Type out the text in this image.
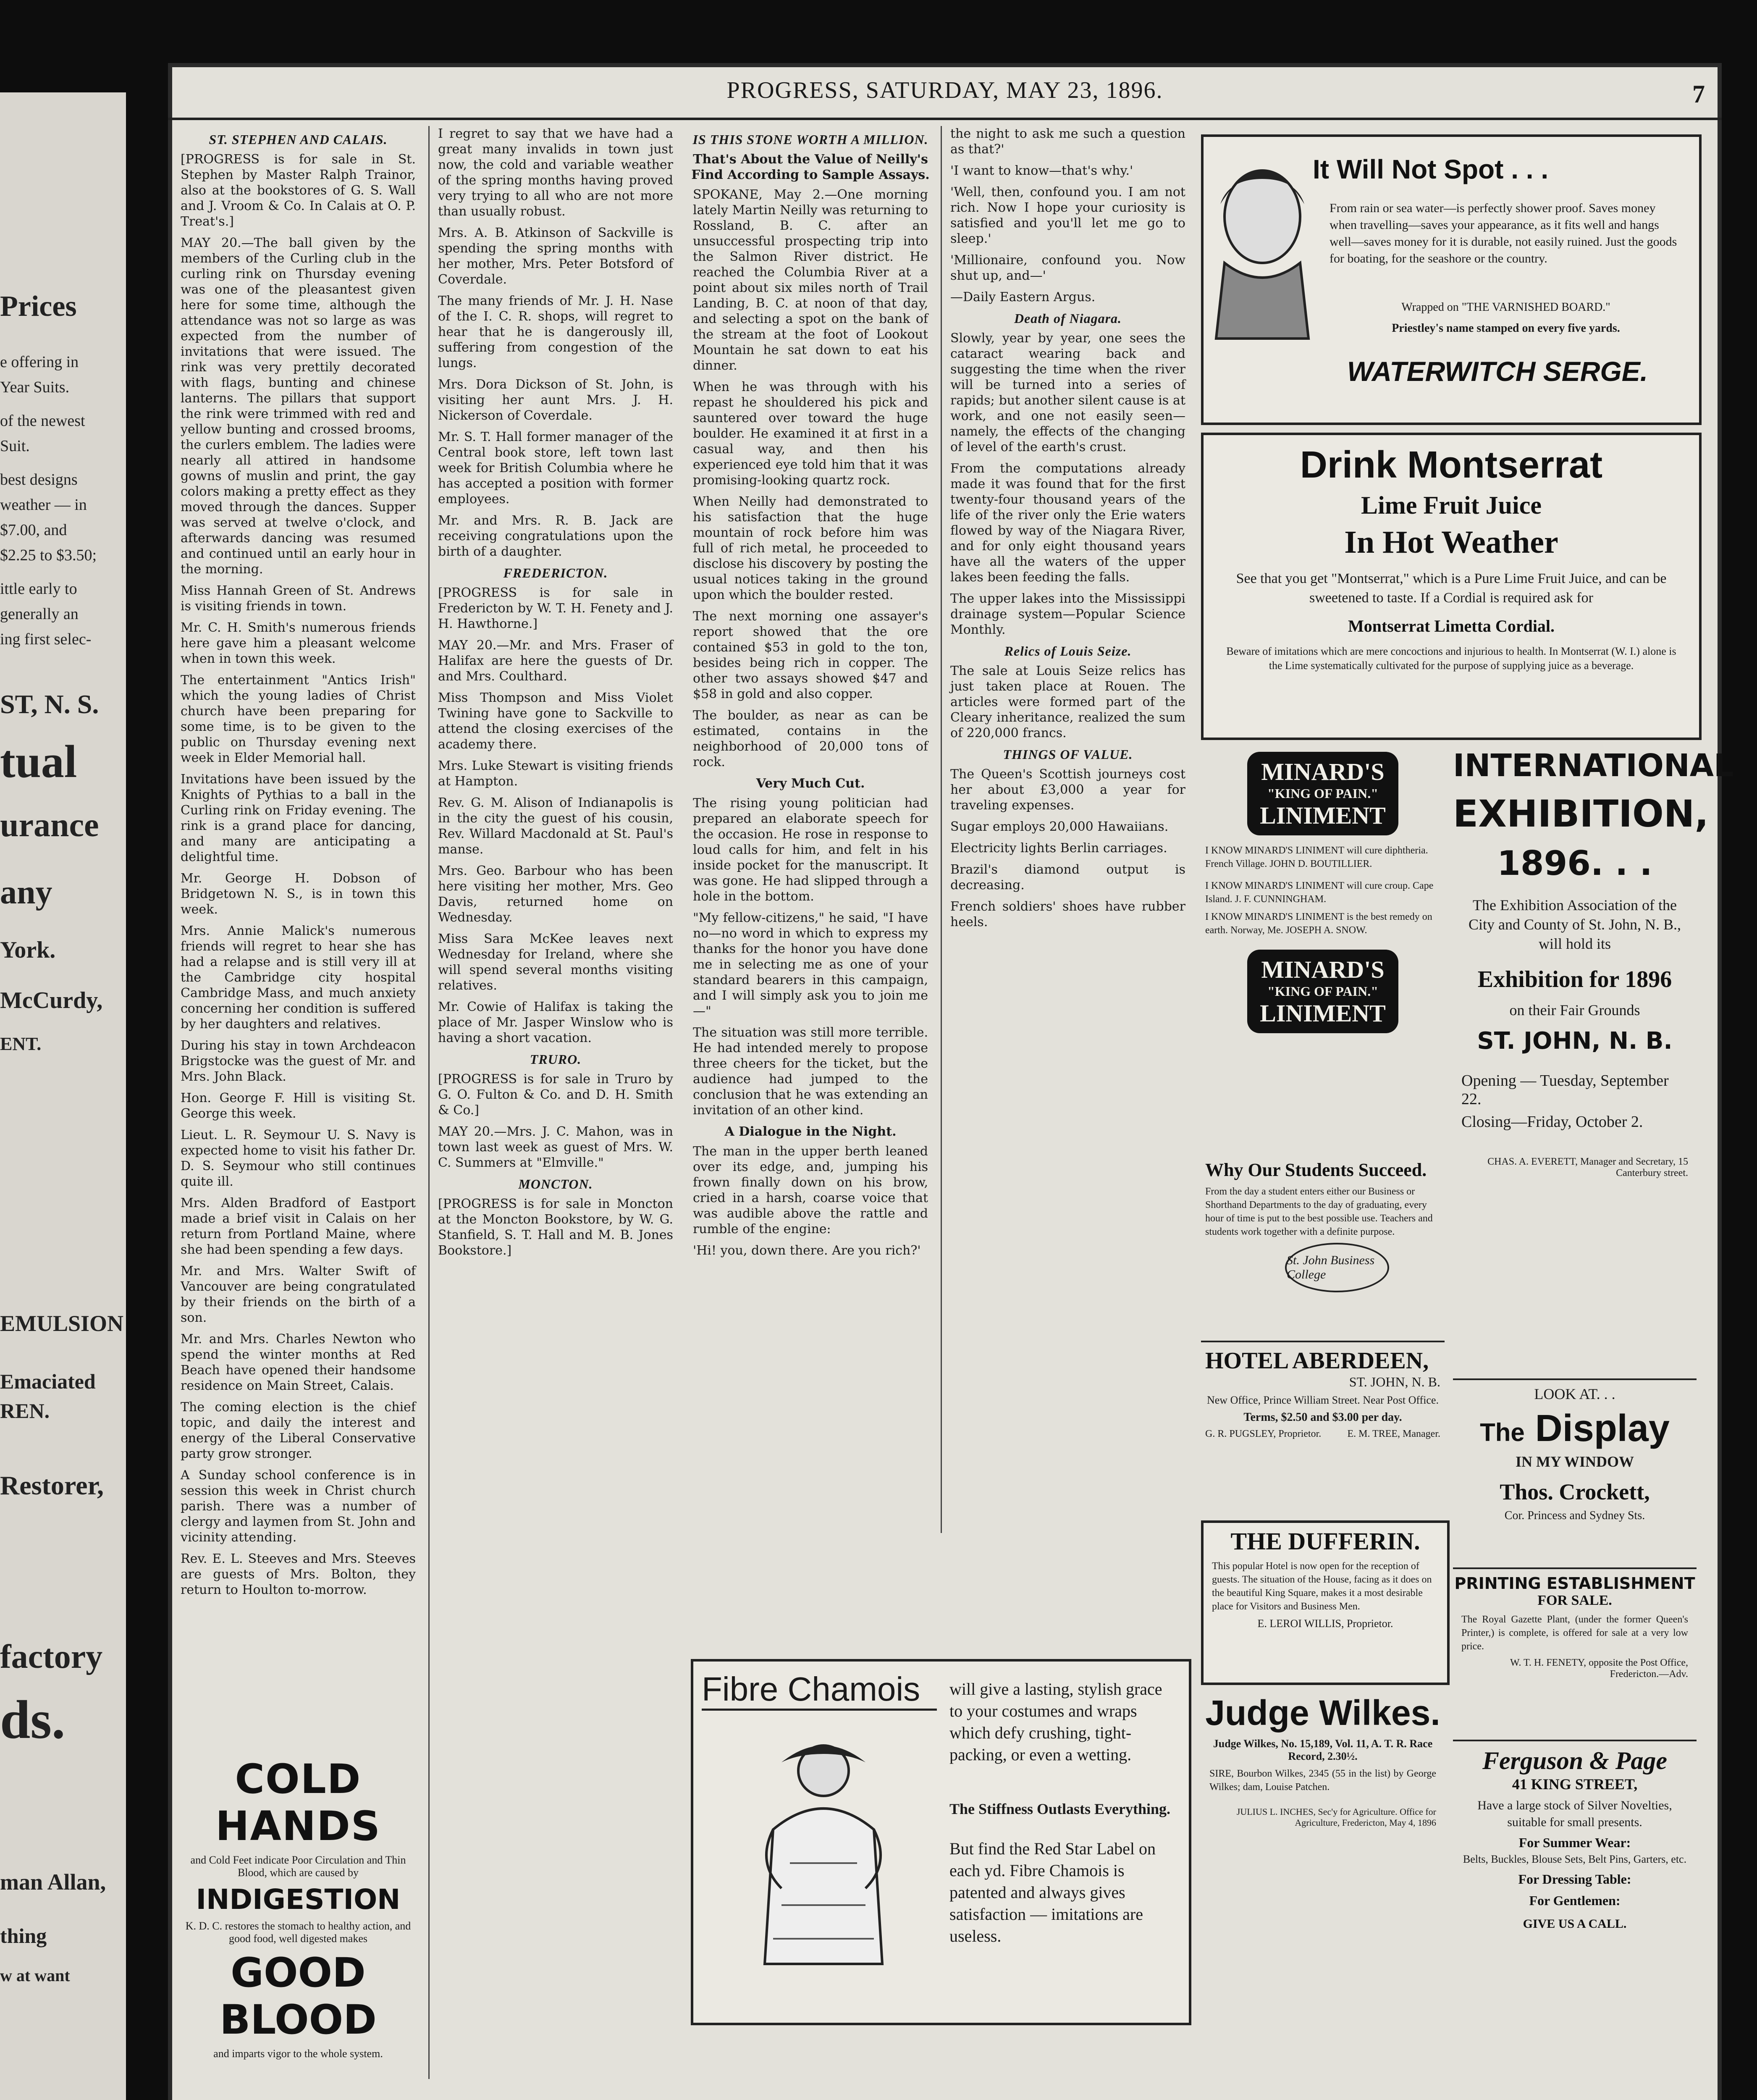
Prices
e offering in
Year Suits.
of the newest
Suit.
best designs
weather — in
$7.00, and
$2.25 to $3.50;
ittle early to
generally an
ing first selec-
ST, N. S.
tual
urance
any
York.
McCurdy,
ENT.
EMULSION
Emaciated
REN.
Restorer,
factory
ds.
man Allan,
thing
w at want
PROGRESS, SATURDAY, MAY 23, 1896.	7
ST. STEPHEN AND CALAIS.

[PROGRESS is for sale in St. Stephen by Master Ralph Trainor, also at the bookstores of G. S. Wall and J. Vroom & Co. In Calais at O. P. Treat's.]

MAY 20.—The ball given by the members of the Curling club in the curling rink on Thursday evening was one of the pleasantest given here for some time, although the attendance was not so large as was expected from the number of invitations that were issued. The rink was very prettily decorated with flags, bunting and chinese lanterns. The pillars that support the rink were trimmed with red and yellow bunting and crossed brooms, the curlers emblem. The ladies were nearly all attired in handsome gowns of muslin and print, the gay colors making a pretty effect as they moved through the dances. Supper was served at twelve o'clock, and afterwards dancing was resumed and continued until an early hour in the morning.

Miss Hannah Green of St. Andrews is visiting friends in town.

Mr. C. H. Smith's numerous friends here gave him a pleasant welcome when in town this week.

The entertainment "Antics Irish" which the young ladies of Christ church have been preparing for some time, is to be given to the public on Thursday evening next week in Elder Memorial hall.

Invitations have been issued by the Knights of Pythias to a ball in the Curling rink on Friday evening. The rink is a grand place for dancing, and many are anticipating a delightful time.

Mr. George H. Dobson of Bridgetown N. S., is in town this week.

Mrs. Annie Malick's numerous friends will regret to hear she has had a relapse and is still very ill at the Cambridge city hospital Cambridge Mass, and much anxiety concerning her condition is suffered by her daughters and relatives.

During his stay in town Archdeacon Brigstocke was the guest of Mr. and Mrs. John Black.

Hon. George F. Hill is visiting St. George this week.

Lieut. L. R. Seymour U. S. Navy is expected home to visit his father Dr. D. S. Seymour who still continues quite ill.

Mrs. Alden Bradford of Eastport made a brief visit in Calais on her return from Portland Maine, where she had been spending a few days.

Mr. and Mrs. Walter Swift of Vancouver are being congratulated by their friends on the birth of a son.

Mr. and Mrs. Charles Newton who spend the winter months at Red Beach have opened their handsome residence on Main Street, Calais.

The coming election is the chief topic, and daily the interest and energy of the Liberal Conservative party grow stronger.

A Sunday school conference is in session this week in Christ church parish. There was a number of clergy and laymen from St. John and vicinity attending.

Rev. E. L. Steeves and Mrs. Steeves are guests of Mrs. Bolton, they return to Houlton to-morrow.

I regret to say that we have had a great many invalids in town just now, the cold and variable weather of the spring months having proved very trying to all who are not more than usually robust.

Mrs. A. B. Atkinson of Sackville is spending the spring months with her mother, Mrs. Peter Botsford of Coverdale.

The many friends of Mr. J. H. Nase of the I. C. R. shops, will regret to hear that he is dangerously ill, suffering from congestion of the lungs.

Mrs. Dora Dickson of St. John, is visiting her aunt Mrs. J. H. Nickerson of Coverdale.

Mr. S. T. Hall former manager of the Central book store, left town last week for British Columbia where he has accepted a position with former employees.

Mr. and Mrs. R. B. Jack are receiving congratulations upon the birth of a daughter.

FREDERICTON.

[PROGRESS is for sale in Fredericton by W. T. H. Fenety and J. H. Hawthorne.]

MAY 20.—Mr. and Mrs. Fraser of Halifax are here the guests of Dr. and Mrs. Coulthard.

Miss Thompson and Miss Violet Twining have gone to Sackville to attend the closing exercises of the academy there.

Mrs. Luke Stewart is visiting friends at Hampton.

Rev. G. M. Alison of Indianapolis is in the city the guest of his cousin, Rev. Willard Macdonald at St. Paul's manse.

Mrs. Geo. Barbour who has been here visiting her mother, Mrs. Geo Davis, returned home on Wednesday.

Miss Sara McKee leaves next Wednesday for Ireland, where she will spend several months visiting relatives.

Mr. Cowie of Halifax is taking the place of Mr. Jasper Winslow who is having a short vacation.

TRURO.

[PROGRESS is for sale in Truro by G. O. Fulton & Co. and D. H. Smith & Co.]

MAY 20.—Mrs. J. C. Mahon, was in town last week as guest of Mrs. W. C. Summers at "Elmville."

MONCTON.

[PROGRESS is for sale in Moncton at the Moncton Bookstore, by W. G. Stanfield, S. T. Hall and M. B. Jones Bookstore.]

COLD HANDS
and Cold Feet indicate Poor Circulation and Thin Blood, which are caused by
INDIGESTION
K. D. C. restores the stomach to healthy action, and good food, well digested makes
GOOD BLOOD
and imparts vigor to the whole system.
IS THIS STONE WORTH A MILLION.
That's About the Value of Neilly's Find According to Sample Assays.

SPOKANE, May 2.—One morning lately Martin Neilly was returning to Rossland, B. C. after an unsuccessful prospecting trip into the Salmon River district. He reached the Columbia River at a point about six miles north of Trail Landing, B. C. at noon of that day, and selecting a spot on the bank of the stream at the foot of Lookout Mountain he sat down to eat his dinner.

When he was through with his repast he shouldered his pick and sauntered over toward the huge boulder. He examined it at first in a casual way, and then his experienced eye told him that it was promising-looking quartz rock.

When Neilly had demonstrated to his satisfaction that the huge mountain of rock before him was full of rich metal, he proceeded to disclose his discovery by posting the usual notices taking in the ground upon which the boulder rested.

The next morning one assayer's report showed that the ore contained $53 in gold to the ton, besides being rich in copper. The other two assays showed $47 and $58 in gold and also copper.

The boulder, as near as can be estimated, contains in the neighborhood of 20,000 tons of rock.

Very Much Cut.

The rising young politician had prepared an elaborate speech for the occasion. He rose in response to loud calls for him, and felt in his inside pocket for the manuscript. It was gone. He had slipped through a hole in the bottom.

"My fellow-citizens," he said, "I have no—no word in which to express my thanks for the honor you have done me in selecting me as one of your standard bearers in this campaign, and I will simply ask you to join me—"

The situation was still more terrible. He had intended merely to propose three cheers for the ticket, but the audience had jumped to the conclusion that he was extending an invitation of an other kind.

A Dialogue in the Night.

The man in the upper berth leaned over its edge, and, jumping his frown finally down on his brow, cried in a harsh, coarse voice that was audible above the rattle and rumble of the engine:

'Hi! you, down there. Are you rich?'

the night to ask me such a question as that?'

'I want to know—that's why.'

'Well, then, confound you. I am not rich. Now I hope your curiosity is satisfied and you'll let me go to sleep.'

'Millionaire, confound you. Now shut up, and—'

—Daily Eastern Argus.

Death of Niagara.

Slowly, year by year, one sees the cataract wearing back and suggesting the time when the river will be turned into a series of rapids; but another silent cause is at work, and one not easily seen—namely, the effects of the changing of level of the earth's crust.

From the computations already made it was found that for the first twenty-four thousand years of the life of the river only the Erie waters flowed by way of the Niagara River, and for only eight thousand years have all the waters of the upper lakes been feeding the falls.

The upper lakes into the Mississippi drainage system—Popular Science Monthly.

Relics of Louis Seize.

The sale at Louis Seize relics has just taken place at Rouen. The articles were formed part of the Cleary inheritance, realized the sum of 220,000 francs.

THINGS OF VALUE.

The Queen's Scottish journeys cost her about £3,000 a year for traveling expenses.

Sugar employs 20,000 Hawaiians.

Electricity lights Berlin carriages.

Brazil's diamond output is decreasing.

French soldiers' shoes have rubber heels.

Fibre Chamois	will give a lasting, stylish grace to your costumes and wraps which defy crushing, tight-packing, or even a wetting.
The Stiffness Outlasts Everything.
But find the Red Star Label on each yd. Fibre Chamois is patented and always gives satisfaction — imitations are useless.
It Will Not Spot . . .
From rain or sea water—is perfectly shower proof. Saves money when travelling—saves your appearance, as it fits well and hangs well—saves money for it is durable, not easily ruined. Just the goods for boating, for the seashore or the country.
Wrapped on "THE VARNISHED BOARD."
Priestley's name stamped on every five yards.
WATERWITCH SERGE.
Drink Montserrat
Lime Fruit Juice
In Hot Weather
See that you get "Montserrat," which is a Pure Lime Fruit Juice, and can be sweetened to taste. If a Cordial is required ask for
Montserrat Limetta Cordial.
Beware of imitations which are mere concoctions and injurious to health. In Montserrat (W. I.) alone is the Lime systematically cultivated for the purpose of supplying juice as a beverage.
MINARD'S
"KING OF PAIN."
LINIMENT
I KNOW MINARD'S LINIMENT will cure diphtheria. French Village. JOHN D. BOUTILLIER.
I KNOW MINARD'S LINIMENT will cure croup. Cape Island. J. F. CUNNINGHAM.
I KNOW MINARD'S LINIMENT is the best remedy on earth. Norway, Me. JOSEPH A. SNOW.
MINARD'S
"KING OF PAIN."
LINIMENT
Why Our Students Succeed.
From the day a student enters either our Business or Shorthand Departments to the day of graduating, every hour of time is put to the best possible use. Teachers and students work together with a definite purpose.
St. John Business College
HOTEL ABERDEEN,
ST. JOHN, N. B.
New Office, Prince William Street. Near Post Office.
Terms, $2.50 and $3.00 per day.
G. R. PUGSLEY, Proprietor.	E. M. TREE, Manager.
THE DUFFERIN.
This popular Hotel is now open for the reception of guests. The situation of the House, facing as it does on the beautiful King Square, makes it a most desirable place for Visitors and Business Men.
E. LEROI WILLIS, Proprietor.
Judge Wilkes.
Judge Wilkes, No. 15,189, Vol. 11, A. T. R. Race Record, 2.30½.
SIRE, Bourbon Wilkes, 2345 (55 in the list) by George Wilkes; dam, Louise Patchen.
JULIUS L. INCHES, Sec'y for Agriculture. Office for Agriculture, Fredericton, May 4, 1896
INTERNATIONAL
EXHIBITION,
1896. . .
The Exhibition Association of the City and County of St. John, N. B., will hold its
Exhibition for 1896
on their Fair Grounds
ST. JOHN, N. B.
Opening — Tuesday, September 22.
Closing—Friday, October 2.
CHAS. A. EVERETT, Manager and Secretary, 15 Canterbury street.
LOOK AT. . .
The Display
IN MY WINDOW
Thos. Crockett,
Cor. Princess and Sydney Sts.
PRINTING ESTABLISHMENT
FOR SALE.
The Royal Gazette Plant, (under the former Queen's Printer,) is complete, is offered for sale at a very low price.
W. T. H. FENETY, opposite the Post Office, Fredericton.—Adv.
Ferguson & Page
41 KING STREET,
Have a large stock of Silver Novelties, suitable for small presents.
For Summer Wear:
Belts, Buckles, Blouse Sets, Belt Pins, Garters, etc.
For Dressing Table:
For Gentlemen:
GIVE US A CALL.
